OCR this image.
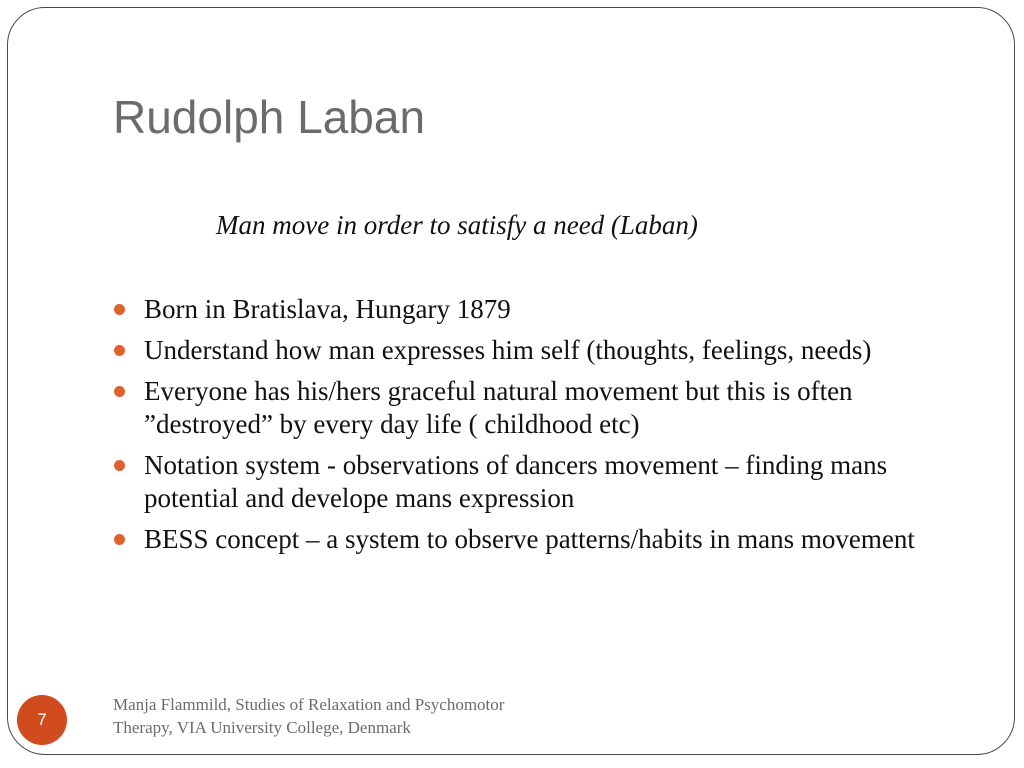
Rudolph Laban
Man move in order to satisfy a need (Laban)
Born in Bratislava, Hungary 1879
Understand how man expresses him self (thoughts, feelings, needs)
Everyone has his/hers graceful natural movement but this is often ”destroyed” by every day life ( childhood etc)
Notation system - observations of dancers movement – finding mans potential and develope mans expression
BESS concept – a system to observe patterns/habits in mans movement
7
Manja Flammild, Studies of Relaxation and Psychomotor
Therapy, VIA University College, Denmark
